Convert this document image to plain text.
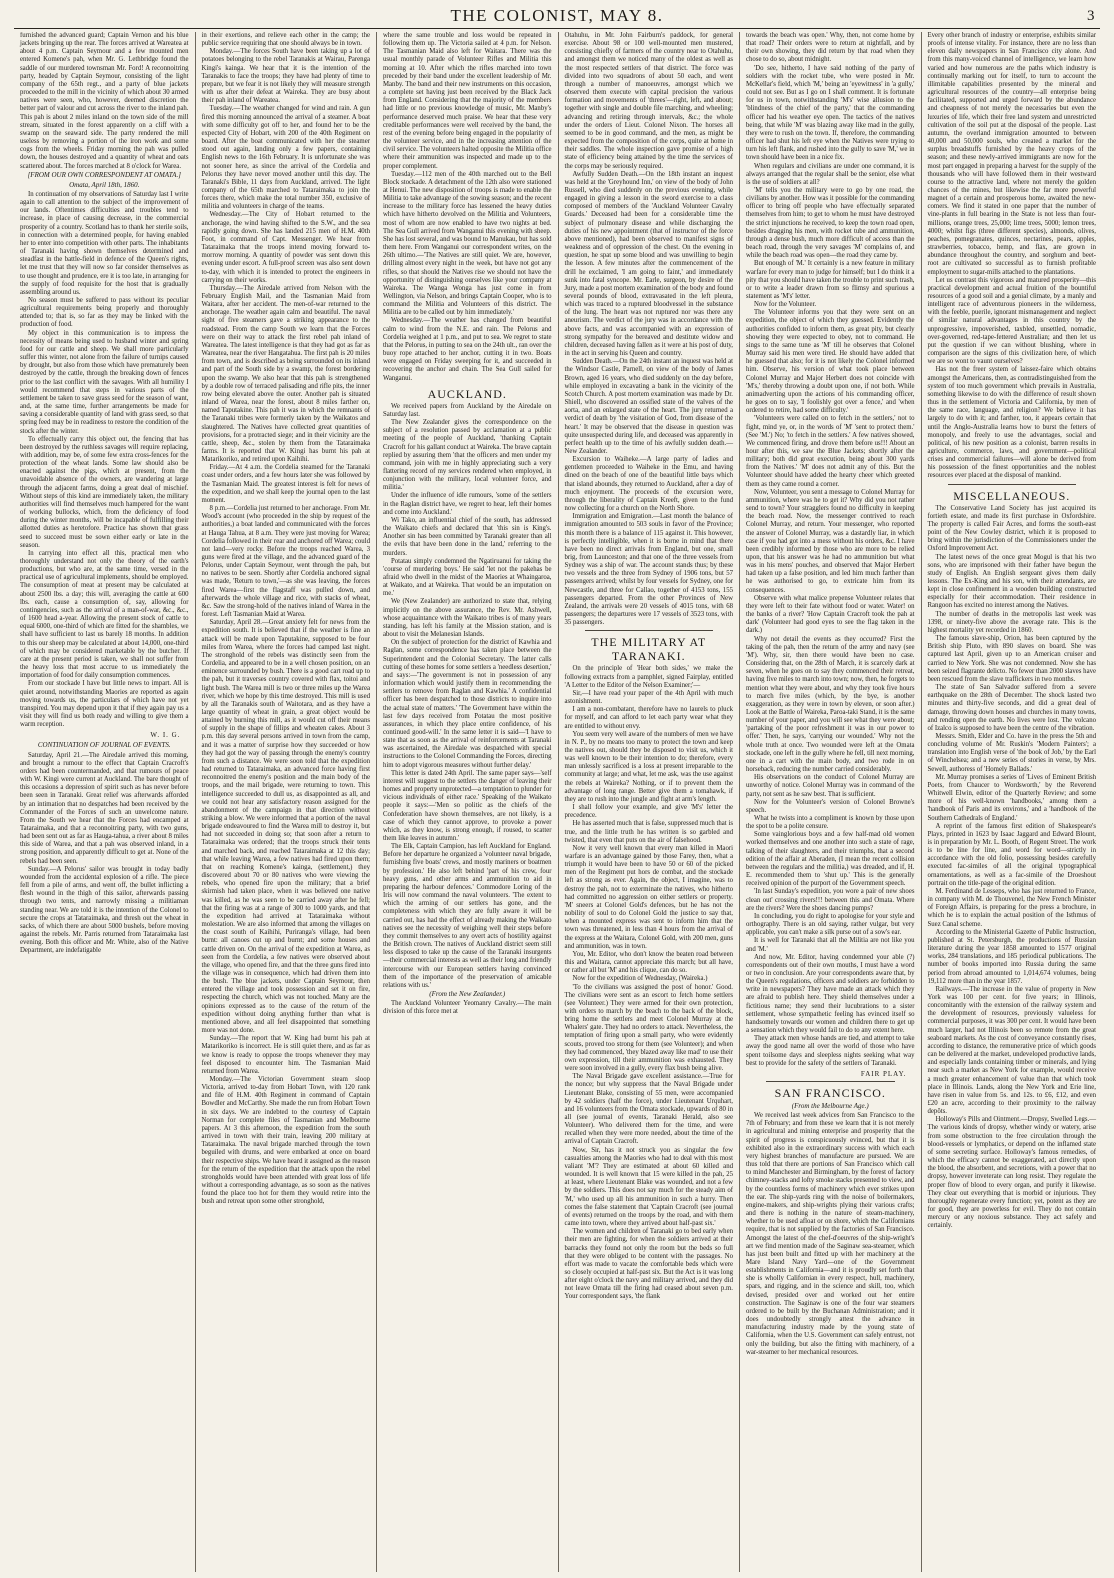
THE COLONIST, MAY 8.	3

furnished the advanced guard; Captain Vernon and his blue jackets bringing up the rear. The forces arrived at Wareatea at about 4 p.m. Captain Seymour and a few mounted men entered Komene's pah, when Mr. G. Lethbridge found the saddle of our murdered townsman Mr. Ford! A reconnoitring party, headed by Captain Seymour, consisting of the light company of the 65th regt., and a party of blue jackets proceeded to the mill in the vicinity of which about 30 armed natives were seen, who, however, deemed discretion the better part of valour and cut across the river to the inland pah. This pah is about 2 miles inland on the town side of the mill stream, situated in the forest apparently on a cliff with a swamp on the seaward side. The party rendered the mill useless by removing a portion of the iron work and some cogs from the wheels. Friday morning the pah was pulled down, the houses destroyed and a quantity of wheat and oats scattered about. The forces marched at 8 o'clock for Warea.

[FROM OUR OWN CORRESPONDENT AT OMATA.]
Omata, April 18th, 1860.

In continuation of my observations of Saturday last I write again to call attention to the subject of the improvement of our lands. Oftentimes difficulties and troubles tend to increase, in place of causing decrease, in the commercial prosperity of a country. Scotland has to thank her sterile soils, in connection with a determined people, for having enabled her to enter into competition with other parts. The inhabitants of Taranaki having shown themselves determined and steadfast in the battle-field in defence of the Queen's rights, let me trust that they will now so far consider themselves as to use thought and prudence, ere it is too late, in arranging for the supply of food requisite for the host that is gradually assembling around us.

No season must be suffered to pass without its peculiar agricultural requirements being properly and thoroughly attended to; that is, so far as they may be linked with the production of food.

My object in this communication is to impress the necessity of means being used to husband winter and spring food for our cattle and sheep. We shall more particularly suffer this winter, not alone from the failure of turnips caused by drought, but also from those which have prematurely been destroyed by the cattle, through the breaking down of fences prior to the last conflict with the savages. With all humility I would recommend that steps in various parts of the settlement be taken to save grass seed for the season of want, and, at the same time, further arrangements be made for saving a considerable quantity of land with grass seed, so that spring feed may be in readiness to restore the condition of the stock after the winter.

To effectually carry this object out, the fencing that has been destroyed by the ruthless savages will require replacing, with addition, may be, of some few extra cross-fences for the protection of the wheat lands. Some law should also be enacted against the pigs, which at present, from the unavoidable absence of the owners, are wandering at large through the adjacent farms, doing a great deal of mischief. Without steps of this kind are immediately taken, the military authorities will find themselves much hampered for the want of working bullocks, which, from the deficiency of food during the winter months, will be incapable of fulfilling their allotted duties as heretofore. Practice has shown that grass seed to succeed must be sown either early or late in the season.

In carrying into effect all this, practical men who thoroughly understand not only the theory of the earth's productions, but who are, at the same time, versed in the practical use of agricultural implements, should be employed. The consumption of meat at present may be calculated at about 2500 lbs. a day; this will, averaging the cattle at 600 lbs. each, cause a consumption of, say, allowing for contingencies, such as the arrival of a man-of-war, &c., &c., of 1600 head a-year. Allowing the present stock of cattle to equal 6000, one-third of which are fitted for the shambles, we shall have sufficient to last us barely 18 months. In addition to this our sheep may be calculated at about 14,000, one-third of which may be considered marketable by the butcher. If care at the present period is taken, we shall not suffer from the heavy loss that most accrue to us immediately the importation of food for daily consumption commences.

From our stockade I have but little news to impart. All is quiet around, notwithstanding Maories are reported as again moving towards us, the particulars of which have not yet transpired. You may depend upon it that if they again pay us a visit they will find us both ready and willing to give them a warm reception.

W. I. G.
CONTINUATION OF JOURNAL OF EVENTS.

Saturday, April 21.—The Airedale arrived this morning, and brought a rumour to the effect that Captain Cracroft's orders had been countermanded, and that rumours of peace with W. Kingi were current at Auckland. The bare thought of this occasions a depression of spirit such as has never before been seen in Taranaki. Great relief was afterwards afforded by an intimation that no despatches had been received by the Commander of the Forces of such an unwelcome nature. From the South we hear that the Forces had encamped at Tataraimaka, and that a reconnoitring party, with two guns, had been sent out as far as Hauga-tahua, a river about 8 miles this side of Warea, and that a pah was observed inland, in a strong position, and apparently difficult to get at. None of the rebels had been seen.

Sunday.—A Pelorus' sailor was brought in today badly wounded from the accidental explosion of a rifle. The piece fell from a pile of arms, and went off, the bullet inflicting a flesh wound in the thigh of this sailor, afterwards passing through two tents, and narrowly missing a militiaman standing near. We are told it is the intention of the Colonel to secure the crops at Tataraimaka, and thresh out the wheat in sacks, of which there are about 5000 bushels, before moving against the rebels. Mr. Parris returned from Tataraimaka last evening. Both this officer and Mr. White, also of the Native Department, are indefatigable

in their exertions, and relieve each other in the camp; the public service requiring that one should always be in town.

Monday.—The forces South have been taking up a lot of potatoes belonging to the rebel Taranakis at Wairau, Parenga Kingi's kainga. We hear that it is the intention of the Taranakis to face the troops; they have had plenty of time to prepare, but we fear it is not likely they will measure strength with us after their defeat at Waireka. They are busy about their pah inland of Wareatea.

Tuesday.—The weather changed for wind and rain. A gun fired this morning announced the arrival of a steamer. A boat with some difficulty got off to her, and found her to be the expected City of Hobart, with 200 of the 40th Regiment on board. After the boat communicated with her the steamer stood out again, landing only a few papers, containing English news to the 16th February. It is unfortunate she was not sooner here, as since the arrival of the Cordelia and Pelorus they have never moved another until this day. The Taranaki's Bible, 11 days from Auckland, arrived. The light company of the 65th marched to Tataraimaka to join the forces there, which make the total number 350, exclusive of militia and volunteers in charge of the teams.

Wednesday.—The City of Hobart returned to the anchorage, the wind having shifted to the S.W., and the sea rapidly going down. She has landed 215 men of H.M. 40th Foot, in command of Capt. Messenger. We hear from Tataraimaka that the troops intend moving forward to-morrow morning. A quantity of powder was sent down this evening under escort. A full-proof screen was also sent down to-day, with which it is intended to protect the engineers in carrying on their works.

Thursday.—The Airedale arrived from Nelson with the February English Mail, and the Tasmanian Maid from Waitara, after her accident. The men-of-war returned to the anchorage. The weather again calm and beautiful. The naval sight of five steamers gave a striking appearance to the roadstead. From the camp South we learn that the Forces were on their way to attack the first rebel pah inland of Wareatea. The latest intelligence is that they had got as far as Wareatea, near the river Hangatahua. The first pah is 20 miles from town, and is described as being surrounded on its inland and part of the South side by a swamp, the forest bordering upon the swamp. We also hear that this pah is strengthened by a double row of terraced palisading and rifle pits, the inner row being elevated above the outer. Another pah is situated inland of Warea, near the forest, about 8 miles farther on, named Taputakine. This pah it was in which the remnants of the Taranaki tribes were formerly taken by the Waikatos and slaughtered. The Natives have collected great quantities of provisions, for a protracted siege; and in their vicinity are the cattle, sheep, &c., stolen by them from the Tataraimaka farms. It is reported that W. Kingi has burnt his pah at Matarikoriko, and retired upon Kaihihi.

Friday.—At 4 a.m. the Cordelia steamed for the Taranaki coast under orders, and a few hours later she was followed by the Tasmanian Maid. The greatest interest is felt for news of the expedition, and we shall keep the journal open to the last moment.

8 p.m.—Cordelia just returned to her anchorage. From Mr. Wood's account (who proceeded in the ship by request of the authorities,) a boat landed and communicated with the forces at Hauga Tahua, at 8 a.m. They were just moving for Warea; Cordelia followed in their rear and anchored off Warea; could not land—very rocky. Before the troops reached Warea, 3 guns were fired at the village, and the advanced guard of the Pelorus, under Captain Seymour, went through the pah, but no natives to be seen. Shortly after Cordelia anchored signal was made, 'Return to town,'—as she was leaving, the forces fired Warea—first the flagstaff was pulled down, and afterwards the whole village and rice, with stacks of wheat, &c. Saw the strong-hold of the natives inland of Warea in the forest. Left Tasmanian Maid at Warea.

Saturday, April 28.—Great anxiety felt for news from the expedition south. It is believed that if the weather is fine an attack will be made upon Taputakine, supposed to be four miles from Warea, where the forces had camped last night. The stronghold of the rebels was distinctly seen from the Cordelia, and appeared to be in a well chosen position, on an eminence surrounded by bush. There is a good cart road up to the pah, but it traverses country covered with flax, toitoi and light bush. The Warea mill is two or three miles up the Warea river, which we hope by this time destroyed. This mill is used by all the Taranakis south of Waitotara, and as they have a large quantity of wheat in grain, a great object would be attained by burning this mill, as it would cut off their means of supply in the shape of fillips and wheaten cakes. About 3 p.m. this day several persons arrived in town from the camp, and it was a matter of surprise how they succeeded or how they had got the way of passing through the enemy's country from such a distance. We were soon told that the expedition had returned to Tataraimaka, an advanced force having first reconnoitred the enemy's position and the main body of the troops, and the mail brigade, were returning to town. This intelligence succeeded to dull us, as disappointed as all, and we could not hear any satisfactory reason assigned for the abandonment of the campaign in that direction without striking a blow. We were informed that a portion of the naval brigade endeavoured to find the Warea mill to destroy it, but had not succeeded in doing so; that soon after a return to Tataraimaka was ordered; that the troops struck their tents and marched back, and reached Tataraimaka at 12 this day; that while leaving Warea, a few natives had fired upon them; that on reaching Komene's kainga, (settlement,) they discovered about 70 or 80 natives who were viewing the rebels, who opened fire upon the military; that a brief skirmish had taken place, when it was believed one native was killed, as he was seen to be carried away after he fell; that the firing was at a range of 300 to 1000 yards, and that the expedition had arrived at Tataraimaka without molestation. We are also informed that among the villages on the coast south of Kaihihi, Puriranga's village, had been burnt: all canoes cut up and burnt; and some houses and cattle driven on. On the arrival of the expedition at Warea, as seen from the Cordelia, a few natives were observed about the village, who opened fire, and that the three guns fired into the village was in consequence, which had driven them into the bush. The blue jackets, under Captain Seymour, then entered the village and took possession and set it on fire, respecting the church, which was not touched. Many are the opinions expressed as to the cause of the return of the expedition without doing anything further than what is mentioned above, and all feel disappointed that something more was not done.

Sunday.—The report that W. King had burnt his pah at Matarikoriko is incorrect. He is still quiet there, and as far as we know is ready to oppose the troops whenever they may feel disposed to encounter him. The Tasmanian Maid returned from Warea.

Monday.—The Victorian Government steam sloop Victoria, arrived to-day from Hobart Town, with 120 rank and file of H.M. 40th Regiment in command of Captain Bowdler and McCarthy. She made the run from Hobart Town in six days. We are indebted to the courtesy of Captain Norman for complete files of Tasmanian and Melbourne papers. At 3 this afternoon, the expedition from the south arrived in town with their train, leaving 200 military at Tataraimaka. The naval brigade marched through the town beguiled with drums, and were embarked at once on board their respective ships. We have heard it assigned as the reason for the return of the expedition that the attack upon the rebel strongholds would have been attended with great loss of life without a corresponding advantage, as so soon as the natives found the place too hot for them they would retire into the bush and retreat upon some other stronghold,

where the same trouble and loss would be repeated in following them up. The Victoria sailed at 4 p.m. for Nelson. The Tasmanian Maid also left for Waitara. There was the usual monthly parade of Volunteer Rifles and Militia this morning at 10. After which the rifles marched into town preceded by their band under the excellent leadership of Mr. Manby. The band and their new instruments on this occasion, a complete set having just been received by the Black Jack from England. Considering that the majority of the members had little or no previous knowledge of music, Mr. Manby's performance deserved much praise. We hear that these very creditable performances were well received by the band, the rest of the evening before being engaged in the popularity of the volunteer service, and in the increasing attention of the civil service. The volunteers halted opposite the Militia office where their ammunition was inspected and made up to the proper complement.

Tuesday.—112 men of the 40th marched out to the Bell Block stockade. A detachment of the 12th also were stationed at Henui. The new disposition of troops is made to enable the Militia to take advantage of the sowing season; and the recent increase to the military force has lessened the heavy duties which have hitherto devolved on the Militia and Volunteers, most of whom are now enabled to have two nights at bed. The Sea Gull arrived from Wanganui this evening with sheep. She has lost several, and was bound to Manukau, but has sold them here. From Wanganui our correspondent writes, on the 26th ultimo.—'The Natives are still quiet. We are, however, drilling almost every night in the week, but have not got any rifles, so that should the Natives rise we should not have the opportunity of distinguishing ourselves like your company at Waireka. The Wanga Wonga has just come in from Wellington, via Nelson, and brings Captain Cooper, who is to command the Militia and Volunteers of this district. The Militia are to be called out by him immediately.'

Wednesday.—The weather has changed from beautiful calm to wind from the N.E. and rain. The Pelorus and Cordelia weighed at 1 p.m., and put to sea. We regret to state that the Pelorus, in putting to sea on the 24th ult., ran over the buoy rope attached to her anchor, cutting it in two. Boats were engaged on Friday sweeping for it, and succeeded in recovering the anchor and chain. The Sea Gull sailed for Wanganui.

AUCKLAND.

We received papers from Auckland by the Airedale on Saturday last.

The New Zealander gives the correspondence on the subject of a resolution passed by acclamation at a public meeting of the people of Auckland, 'thanking Captain Cracroft for his gallant conduct at Waireka. The brave captain replied by assuring them 'that the officers and men under my command, join with me in highly appreciating such a very flattering record of my services rendered when employed, in conjunction with the military, local volunteer force, and militia.'

Under the influence of idle rumours, 'some of the settlers in the Raglan district have, we regret to hear, left their homes and come into Auckland.'

Wi Tako, an influential chief of the south, has addressed the Waikato chiefs and declared that 'this sin is King's. Another sin has been committed by Taranaki greater than all the evils that have been done in the land,' referring to the murders.

Potatau simply condemned the Ngatiruanui for taking the 'course of murdering boys.' He said 'let not the pakehas be afraid who dwell in the midst of the Maories at Whaingaroa, at Waikato, and at Waireka. That would be an imputation on me.'

We (New Zealander) are authorized to state that, relying implicitly on the above assurance, the Rev. Mr. Ashwell, whose acquaintance with the Waikato tribes is of many years standing, has left his family at the Mission station, and is about to visit the Melanesian Islands.

On the subject of protection for the district of Kawhia and Raglan, some correspondence has taken place between the Superintendent and the Colonial Secretary. The latter calls cutting of these homes for some settlers a 'needless desertion,' and says:—'The government is not in possession of any information which would justify them in recommending the settlers to remove from Raglan and Kawhia.' A confidential officer has been despatched to those districts to inquire into the actual state of matters.' 'The Government have within the last few days received from Potatau the most positive assurances, in which they place entire confidence, of his continued good-will.' In the same letter it is said—'I have to state that as soon as the arrival of reinforcements at Taranaki was ascertained, the Airedale was despatched with special instructions to the Colonel Commanding the Forces, directing him to adopt vigorous measures without further delay.'

This letter is dated 24th April. The same paper says—'self interest will suggest to the settlers the danger of leaving their homes and property unprotected—a temptation to plunder for vicious individuals of either race.' Speaking of the Waikato people it says:—'Men so politic as the chiefs of the Confederation have shown themselves, are not likely, is a case of which they cannot approve, to provoke a power which, as they know, is strong enough, if roused, to scatter them like leaves in autumn.'

The Elk, Captain Campion, has left Auckland for England. Before her departure he organized a 'volunteer naval brigade, furnishing five boats' crews, and mostly mariners or boatmen by profession.' He also left behind 'part of his crew, four heavy guns, and other arms and ammunition to aid in preparing the harbour defences.' Commodore Loring of the Iris will now command the naval volunteers. 'The extent to which the arming of our settlers has gone, and the completeness with which they are fully aware it will be carried out, has had the effect of already making the Waikato natives see the necessity of weighing well their steps before they commit themselves to any overt acts of hostility against the British crown. The natives of Auckland district seem still less disposed to take up the cause of the Taranaki insurgents—their commercial interests as well as their long and friendly intercourse with our European settlers having convinced them of the importance of the preservation of amicable relations with us.'

(From the New Zealander.)

The Auckland Volunteer Yeomanry Cavalry.—The main division of this force met at

Otahuhu, in Mr. John Fairburn's paddock, for general exercise. About 98 or 100 well-mounted men mustered, consisting chiefly of farmers of the country near to Otahuhu, and amongst them we noticed many of the oldest as well as the most respected settlers of that district. The force was divided into two squadrons of about 50 each, and went through a number of manoeuvres, amongst which we observed them execute with capital precision the various formation and movements of 'threes'—right, left, and about; together with single and double file marching, and wheeling; advancing and retiring through intervals, &c.; the whole under the orders of Lieut. Colonel Nixon. The horses all seemed to be in good command, and the men, as might be expected from the composition of the corps, quite at home in their saddles. The whole inspection gave promise of a high state of efficiency being attained by the time the services of the corps may be seriously required.

Awfully Sudden Death.—On the 18th instant an inquest was held at the 'Greyhound Inn,' on view of the body of John Russell, who died suddenly on the previous evening, while engaged in giving a lesson in the sword exercise to a class composed of members of the 'Auckland Volunteer Cavalry Guards.' Deceased had been for a considerable time the subject of pulmonary disease and while discharging the duties of his new appointment (that of instructor of the force above mentioned), had been observed to manifest signs of weakness and of oppression of the chest. On the evening in question, he spat up some blood and was unwilling to begin the lesson. A few minutes after the commencement of the drill he exclaimed, 'I am going to faint,' and immediately sunk into fatal syncope. Mr. Earle, surgeon, by desire of the Jury, made a post mortem examination of the body and found several pounds of blood, extravasated in the left pleura, which was traced to a ruptured bloodvessel in the substance of the lung. The heart was not ruptured nor was there any aneurism. The verdict of the jury was in accordance with the above facts, and was accompanied with an expression of strong sympathy for the bereaved and destitute widow and children, deceased having fallen as it were at his post of duty, in the act in serving his Queen and country.

Sudden Death.—On the 24th instant an inquest was held at the Windsor Castle, Parnell, on view of the body of James Brown, aged 16 years, who died suddenly on the day before, while employed in excavating a bank in the vicinity of the Scotch Church. A post mortem examination was made by Dr. Shiell, who discovered an ossified state of the valves of the aorta, and an enlarged state of the heart. The jury returned a verdict of death by 'the visitation of God, from disease of the heart.' It may be observed that the disease in question was quite unsuspected during life, and deceased was apparently in perfect health up to the time of his awfully sudden death.—New Zealander.

Excursion to Waiheke.—A large party of ladies and gentlemen proceeded to Waiheke in the Emu, and having dined on the beach of one of the beautiful little bays which that island abounds, they returned to Auckland, after a day of much enjoyment. The proceeds of the excursion were, through the liberality of Captain Kreeft, given to the fund now collecting for a church on the North Shore.

Immigration and Emigration.—Last month the balance of immigration amounted to 503 souls in favor of the Province; this month there is a balance of 115 against it. This however, is perfectly intelligible, when it is borne in mind that there have been no direct arrivals from England, but one, small brig, from Launceston; and that one of the three vessels from Sydney was a ship of war. The account stands thus; by these two vessels and the three from Sydney of 1906 tons, but 57 passengers arrived; whilst by four vessels for Sydney, one for Newcastle, and three for Callao, together of 4153 tons, 155 passengers departed. From the other Provinces of New Zealand, the arrivals were 20 vessels of 4015 tons, with 68 passengers; the departures were 17 vessels of 3523 tons, with 35 passengers.

THE MILITARY AT TARANAKI.

On the principle of 'Hear both sides,' we make the following extracts from a pamphlet, signed Fairplay, entitled 'A Letter to the Editor of the Nelson Examiner;'—

Sir,—I have read your paper of the 4th April with much astonishment.

I am a non-combatant, therefore have no laurels to pluck for myself, and can afford to let each party wear what they are entitled to without envy.

You seem very well aware of the numbers of men we have in N. P., by no means too many to protect the town and keep the natives out, should they be disposed to visit us, which it was well known to be their intention to do; therefore, every man unlessly sacrificed is a loss at present irreparable to the community at large; and what, let me ask, was the use against the rebels at Waireka? Nothing, or if to prevent them the advantage of long range. Better give them a tomahawk, if they are to rush into the jungle and fight at arm's length.

I shall follow your example, and give 'M's' letter the precedence.

He has asserted much that is false, suppressed much that is true, and the little truth he has written is so garbled and twisted, that even that puts on the air of falsehood.

Now it very well known that every man killed in Maori warfare is an advantage gained by those Farey, then, what a triumph it would have been to have 50 or 60 of the picked men of the Regiment put hors de combat, and the stockade left as strong as ever. Again, the object, I imagine, was to destroy the pah, not to exterminate the natives, who hitherto had committed no aggression on either settlers or property. 'M' sneers at Colonel Gold's defences, but he has not the nobility of soul to do Colonel Gold the justice to say that, when a mounted express was sent to inform him that the town was threatened, in less than 4 hours from the arrival of the express at the Waitara, Colonel Gold, with 200 men, guns and ammunition, was in town.

You, Mr. Editor, who don't know the beaten road between this and Waitara, cannot appreciate this march; but all have, or rather all but 'M' and his clique, can do so.

Now for the expedition of Wednesday, (Waireka.)

'To the civilians was assigned the post of honor.' Good. The civilians were sent as an escort to fetch home settlers (see Volunteer.) They were armed for their own protection, with orders to march by the beach to the back of the block, bring home the settlers and meet Colonel Murray at the Whalers' gate. They had no orders to attack. Nevertheless, the temptation of firing upon a small party, who were evidently scouts, proved too strong for them (see Volunteer); and when they had commenced, 'they blazed away like mad' to use their own expression, till their ammunition was exhausted. They were soon involved in a gully, every flax bush being alive.

The Naval Brigade gave excellent assistance.—True for the nonce; but why suppress that the Naval Brigade under Lieutenant Blake, consisting of 55 men, were accompanied by 42 soldiers (half the force), under Lieutenant Urquhart, and 16 volunteers from the Omata stockade, upwards of 80 in all (see journal of events, Taranaki Herald, also see Volunteer). Who delivered them for the time, and were recalled when they were more needed, about the time of the arrival of Captain Cracroft.

Now, Sir, has it not struck you as singular the few casualties among the Maories who had to deal with this most valiant 'M'? They are estimated at about 60 killed and wounded. It is well known that 15 were killed in the pah, 25 at least, where Lieutenant Blake was wounded, and not a few by the soldiers. This does not say much for the steady aim of 'M,' who used up all his ammunition in such a hurry. Then comes the false statement that 'Captain Cracroft (see journal of events) returned on the troops by the road, and with them came into town, where they arrived about half-past six.'

The women and children of Taranaki go to bed early when their men are fighting, for when the soldiers arrived at their barracks they found not only the room but the beds so full that they were obliged to be content with the passages. No effort was made to vacate the comfortable beds which were so closely occupied at half-past six. But the Act is it was long after eight o'clock the navy and military arrived, and they did not leave Omata till the firing had ceased about seven p.m. Your correspondent says, 'the flank

towards the beach was open.' Why, then, not come home by that road? Their orders were to return at nightfall, and by their own showing, they did return by that road when they chose to do so, about midnight.

'Do see, hitherto, I have said nothing of the party of soldiers with the rocket tube, who were posted in Mr. McKellar's field, which 'M,' being an 'eyewitness' in 'a gully,' could not see. But as I go on I shall comment. It is fortunate for us in town, notwithstanding 'M's' wise allusion to the 'blindness of the chief of the party,' that the commanding officer had his weather eye open. The tactics of the natives being, that while 'M' was blazing away like mad in the gully, they were to rush on the town. If, therefore, the commanding officer had shut his left eye when the Natives were trying to turn his left flank, and rushed into the gully to save 'M,' we in town should have been in a nice fix.

When regulars and civilians are under one command, it is always arranged that the regular shall be the senior, else what is the use of soldiers at all?

'M' tells you the military were to go by one road, the civilians by another. How was it possible for the commanding officer to bring off people who have effectually separated themselves from him; to get to whom he must have destroyed the strict injunctions he received, to keep the town road open, besides dragging his men, with rocket tube and ammunition, through a dense bush, much more difficult of access than the beach road, through the very savages 'M' complains of, and while the beach road was open—the road they came by.

But enough of 'M.' It certainly is a new feature in military warfare for every man to judge for himself; but I do think it a pity that you should have taken the trouble to print such trash, or to write a leader drawn from so flimsy and spurious a statement as 'M's' letter.

Now for the Volunteer.

The Volunteer informs you that they were sent on an expedition, the object of which they guessed. Evidently the authorities confided to inform them, as great pity, but clearly showing they were expected to obey, not to command. He sings to the same tune as 'M' till he observes that Colonel Murray said his men were tired. He should have added that he guessed that also; for it is not likely the Colonel informed him. Observe, his version of what took place between Colonel Murray and Major Herbert does not coincide with 'M's,' thereby throwing a doubt upon one, if not both. While animadverting upon the actions of his commanding officer, he goes on to say, 'I foolishly got over a fence,' and 'when ordered to retire, had some difficulty.'

'Volunteers were called on to fetch in the settlers,' not to fight, mind ye, or, in the words of 'M' 'sent to protect them.' (See 'M.') No; 'to fetch in the settlers.' A few natives showed, We commenced firing, and drove them before us!!! About an hour after this, we saw the Blue Jackets; shortly after the military; both did great execution, being about 300 yards from the Natives.' 'M' does not admit any of this. But the Volunteer should have added the hearty cheer which greeted them as they came round a corner.

Now, Volunteer, you sent a message to Colonel Murray for ammunition, where was he to get it? Why did you not rather send to town? Your stragglers found no difficulty in keeping the beach road. Now, the messenger contrived to reach Colonel Murray, and return. Your messenger, who reported the answer of Colonel Murray, was a dastardly liar, in which case if you had got into a mess without his orders, &c. I have been credibly informed by those who are more to be relied upon, that his answer was he had no ammunition but what was in his mens' pouches, and observed that Major Herbert had taken up a false position, and led him much farther than he was authorised to go, to extricate him from its consequences.

Observe with what malice prepense Volunteer relates that they were left to their fate without food or water. Water! on the banks of a river? 'How Captain Cracroft took the pah at dark' (Volunteer had good eyes to see the flag taken in the dark.)

Why not detail the events as they occurred? First the taking of the pah, then the return of the army and navy (see 'M'). Why, sir, then there would have been no case. Considering that, on the 28th of March, it is scarcely dark at seven, when he goes on to say they commenced their retreat, having five miles to march into town; now, then, he forgets to mention what they were about, and why they took five hours to march five miles (which, by the bye, is another exaggeration, as they were in town by eleven, or soon after.) Look at the Battle of Waireka, Paroa-taki Stand, it is the same number of your paper, and you will see what they were about; 'partaking of the poor refreshment it was in our power to offer.' Then, he says, 'carrying our wounded.' Why not the whole truth at once. Two wounded were left at the Omata stockade, one left in the gully where he fell, till next morning, one in a cart with the main body, and two rode in on horseback, reducing the number carried considerably.

His observations on the conduct of Colonel Murray are unworthy of notice. Colonel Murray was in command of the party, not sent as he saw best. That is sufficient.

Now for the Volunteer's version of Colonel Browne's speech.

What he twists into a compliment is known by those upon the spot to be a polite censure.

Some vainglorious boys and a few half-mad old women worked themselves and one another into such a state of rage, talking of their slaughters, and their triumphs, that a second edition of the affair at Aberaden, (I mean the recent collision between the regulars and the militia,) was dreaded, and if, H. E. recommended them to 'shut up.' This is the generally received opinion of the purport of the Government speech.

'In last Sunday's expedition, you wore a pair of new shoes clean out' crossing rivers!!! between this and Omata. Where are the rivers? Were the shoes dancing pumps?

In concluding, you do right to apologise for your style and orthography. There is an old saying, rather vulgar, but very applicable, you can't make a silk purse out of a sow's ear.

It is well for Taranaki that all the Militia are not like you and 'M.'

And now, Mr. Editor, having condemned your able (?) correspondents out of their own mouths, I must have a word or two in conclusion. Are your correspondents aware that, by the Queen's regulations, officers and soldiers are forbidden to write in newspapers? They have made an attack which they are afraid to publish here. They shield themselves under a fictitious name; they send their lucubrations to a sister settlement, whose sympathetic feeling has evinced itself so handsomely towards our women and children there to get up a sensation which they would fail to do to any extent here.

They attack men whose hands are tied, and attempt to take away the good name all over the world of those who have spent toilsome days and sleepless nights seeking what way best to provide for the safety of the settlers of Taranaki.

FAIR PLAY.
SAN FRANCISCO.
(From the Melbourne Age.)

We received last week advices from San Francisco to the 7th of February; and from these we learn that it is not merely in agricultural and mining enterprise and prosperity that the spirit of progress is conspicuously evinced, but that it is exhibited also in the extraordinary success with which each very highest branches of manufacture are pursued. We are thus told that there are portions of San Francisco which call to mind Manchester and Birmingham, by the forest of factory chimney-stacks and lofty smoke stacks presented to view, and by the countless forms of machinery which ever strikes upon the ear. The ship-yards ring with the noise of boilermakers, engine-makers, and ship-wrights plying their various crafts; and there is nothing in the nature of steam-machinery, whether to be used afloat or on shore, which the Californians require, that is not supplied by the factories of San Francisco. Amongst the latest of the chef-d'oeuvres of the ship-wright's art we find mention made of the Saginaw sea-steamer, which has just been built and fitted up with her machinery at the Mare Island Navy Yard—one of the Government establishments in California—and it is proudly set forth that she is wholly Californian in every respect, hull, machinery, spars, and rigging, and in the science and skill, too, which devised, presided over and worked out her entire construction. The Saginaw is one of the four war steamers ordered to be built by the Buchanan Administration; and it does undoubtedly strongly attest the advance in manufacturing industry made by the young state of California, when the U.S. Government can safely entrust, not only the building, but also the fitting with machinery, of a war-steamer to her mechanical resources.

Every other branch of industry or enterprise, exhibits similar proofs of intense vitality. For instance, there are no less than eleven daily newspapers in San Francisco city alone. And from this many-voiced channel of intelligence, we learn how varied and how numerous are the paths which industry is continually marking out for itself, to turn to account the illimitable capabilities presented by the mineral and agricultural resources of the country—all enterprise being facilitated, supported and urged forward by the abundance and cheapness of not merely the necessaries but even the luxuries of life, which their free land system and unrestricted cultivation of the soil put at the disposal of the people. Last autumn, the overland immigration amounted to between 40,000 and 50,000 souls, who created a market for the surplus breadstuffs furnished by the heavy crops of the season; and these newly-arrived immigrants are now for the most part engaged in preparing a harvest for the supply of the thousands who will have followed them in their westward course to the attractive land, where not merely the golden chances of the mines, but likewise the far more powerful magnet of a certain and prosperous home, awaited the new-comers. We find it stated in one paper that the number of vine-plants in full bearing in the State is not less than four-millions, orange trees, 25,000; lime trees, 5000; lemon trees, 4000; whilst figs (three different species), almonds, olives, peaches, pomegranates, quinces, nectarines, pears, apples, strawberries, tobacco, hemp, and flax, are grown in abundance throughout the country, and sorghum and beet-root are cultivated so successful as to furnish profitable employment to sugar-mills attached to the plantations.

Let us contrast this vigorous and matured prosperity—this practical development and actual fruition of the bountiful resources of a good soil and a genial climate, by a manly and intelligent race of adventurous pioneers in the wilderness, with the feeble, puerile, ignorant mismanagement and neglect of similar natural advantages in this country by the unprogressive, impoverished, taxbled, unsettled, nomadic, over-governed, red-tape-fettered Australian; and then let us put the question if we can without blushing, where in comparison are the signs of this civilization here, of which we are so wont to vaunt ourselves?

Has not the freer system of laissez-faire which obtains amongst the Americans, then, as contradistinguished from the system of too much government which prevails in Australia, something likewise to do with the difference of result shown thus in the settlement of Victoria and California, by men of the same race, language, and religion? We believe it has largely to do with it; and farther, too, it appears certain that until the Anglo-Australia learns how to burst the fetters of monopoly, and freely to use the advantages, social and political, of his new position as a colonist, barren results in agriculture, commerce, laws, and government—political crises and commercial failures—will alone be derived from his possession of the finest opportunities and the noblest resources ever placed at the disposal of mankind.

MISCELLANEOUS.

The Conservative Land Society has just acquired its fortieth estate, and made its first purchase in Oxfordshire. The property is called Fair Acres, and forms the south-east point of the New Cowley district, which it is proposed to bring within the jurisdiction of the Commissioners under the Oxford Improvement Act.

The latest news of the once great Mogul is that his two sons, who are imprisoned with their father have begun the study of English. An English sergeant gives them daily lessons. The Ex-King and his son, with their attendants, are kept in close confinement in a wooden building constructed especially for their accommodation. Their residence in Rangoon has excited no interest among the Natives.

The number of deaths in the metropolis last week was 1398, or ninety-five above the average rate. This is the highest mortality yet recorded in 1860.

The famous slave-ship, Orion, has been captured by the British ship Pluto, with 890 slaves on board. She was captured last April, given up to an American cruiser and carried to New York. She was not condemned. Now she has been seized flagrante delicto. No fewer than 2000 slaves have been rescued from the slave traffickers in two months.

The state of San Salvador suffered from a severe earthquake on the 28th of December. The shock lasted two minutes and thirty-five seconds, and did a great deal of damage, throwing down houses and churches in many towns, and rending open the earth. No lives were lost. The volcano of Izalco is supposed to have been the centre of the vibration.

Messrs. Smith, Elder and Co. have in the press the 5th and concluding volume of Mr. Ruskin's 'Modern Painters'; a translation into English verse of 'the book of Job,' by the Earl of Winchelsea; and a new series of stories in verse, by Mrs. Sewell, authoress of 'Homely Ballads.'

Mr. Murray promises a series of 'Lives of Eminent British Poets, from Chaucer to Wordsworth,' by the Reverend Whitwell Elwin, editor of the Quarterly Review; and some more of his well-known 'handbooks,' among them a 'handbook of Paris and its environs,' and a 'handbook of the Southern Cathedrals of England.'

A reprint of the famous first edition of Shakespeare's Plays, printed in 1623 by Isaac Jaggard and Edward Blount, is in preparation by Mr. L. Booth, of Regent Street. The work is to be line for line, and word for word—strictly in accordance with the old folio, possessing besides carefully executed fac-similes of all the original typographical ornamentations, as well as a fac-simile of the Droeshout portrait on the title-page of the original edition.

M. Ferdinand de Lesseps, who has just returned to France, in company with M. de Thouvenel, the New French Minister of Foreign Affairs, is preparing for the press a brochure, in which he is to explain the actual position of the Isthmus of Suez Canal scheme.

According to the Ministerial Gazette of Public Instruction, published at St. Petersburgh, the productions of Russian literature during the year 1858 amounted to 1577 original works, 284 translations, and 185 periodical publications. The number of books imported into Russia during the same period from abroad amounted to 1,014,674 volumes, being 19,112 more than in the year 1857.

Railways.—The increase in the value of property in New York was 100 per cent. for five years; in Illinois, concomitantly with the extension of the railway system and the development of resources, previously valueless for commercial purposes, it was 300 per cent. It would have been much larger, had not Illinois been so remote from the great seaboard markets. As the cost of conveyance constantly rises, according to distance, the remunerative price of which goods can be delivered at the market, undeveloped productive lands, and especially lands containing timber or minerals, and lying near such a market as New York for example, would receive a much greater enhancement of value than that which took place in Illinois. Lands, along the New York and Erie line, have risen in value from 5s. and 12s. to £6, £12, and even £20 an acre, according to their proximity to the railway depôts.

Holloway's Pills and Ointment.—Dropsy, Swelled Legs.—The various kinds of dropsy, whether windy or watery, arise from some obstruction to the free circulation through the blood-vessels or lymphatics, or depend on the inflamed state of some secreting surface. Holloway's famous remedies, of which the efficacy cannot be exaggerated, act directly upon the blood, the absorbent, and secretions, with a power that no dropsy, however inveterate can long resist. They regulate the proper flow of blood to every organ, and purify it likewise. They clear out everything that is morbid or injurious. They thoroughly regenerate every function; yet, potent as they are for good, they are powerless for evil. They do not contain mercury or any noxious substance. They act safely and certainly.
